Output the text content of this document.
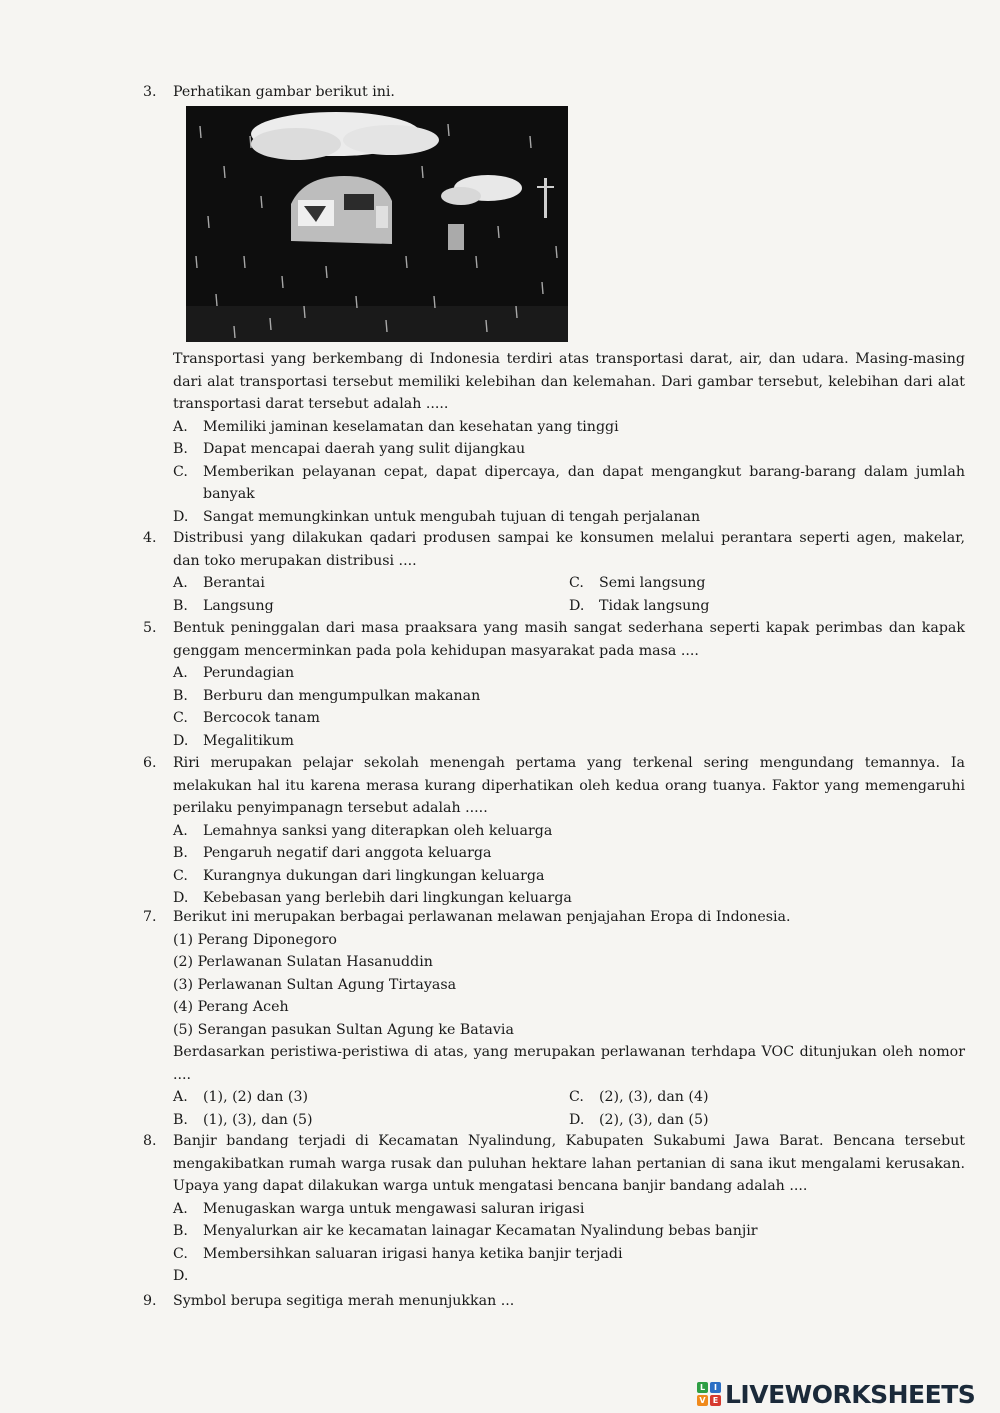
3.	Perhatikan gambar berikut ini.
Transportasi yang berkembang di Indonesia terdiri atas transportasi darat, air, dan udara. Masing-masing dari alat transportasi tersebut memiliki kelebihan dan kelemahan. Dari gambar tersebut, kelebihan dari alat transportasi darat tersebut adalah .....
A.	Memiliki jaminan keselamatan dan kesehatan yang tinggi
B.	Dapat mencapai daerah yang sulit dijangkau
C.	Memberikan pelayanan cepat, dapat dipercaya, dan dapat mengangkut barang-barang dalam jumlah banyak
D.	Sangat memungkinkan untuk mengubah tujuan di tengah perjalanan
4.	Distribusi yang dilakukan qadari produsen sampai ke konsumen melalui perantara seperti agen, makelar, dan toko merupakan distribusi ....
A.	Berantai	C.	Semi langsung
B.	Langsung	D.	Tidak langsung
5.	Bentuk peninggalan dari masa praaksara yang masih sangat sederhana seperti kapak perimbas dan kapak genggam mencerminkan pada pola kehidupan masyarakat pada masa ....
A.	Perundagian
B.	Berburu dan mengumpulkan makanan
C.	Bercocok tanam
D.	Megalitikum
6.	Riri merupakan pelajar sekolah menengah pertama yang terkenal sering mengundang temannya. Ia melakukan hal itu karena merasa kurang diperhatikan oleh kedua orang tuanya. Faktor yang memengaruhi perilaku penyimpanagn tersebut adalah .....
A.	Lemahnya sanksi yang diterapkan oleh keluarga
B.	Pengaruh negatif dari anggota keluarga
C.	Kurangnya dukungan dari lingkungan keluarga
D.	Kebebasan yang berlebih dari lingkungan keluarga
7.	Berikut ini merupakan berbagai perlawanan melawan penjajahan Eropa di Indonesia.
(1) Perang Diponegoro
(2) Perlawanan Sulatan Hasanuddin
(3) Perlawanan Sultan Agung Tirtayasa
(4) Perang Aceh
(5) Serangan pasukan Sultan Agung ke Batavia
Berdasarkan peristiwa-peristiwa di atas, yang merupakan perlawanan terhdapa VOC ditunjukan oleh nomor ....
A.	(1), (2) dan (3)	C.	(2), (3), dan (4)
B.	(1), (3), dan (5)	D.	(2), (3), dan (5)
8.	Banjir bandang terjadi di Kecamatan Nyalindung, Kabupaten Sukabumi Jawa Barat. Bencana tersebut mengakibatkan rumah warga rusak dan puluhan hektare lahan pertanian di sana ikut mengalami kerusakan. Upaya yang dapat dilakukan warga untuk mengatasi bencana banjir bandang adalah ....
A.	Menugaskan warga untuk mengawasi saluran irigasi
B.	Menyalurkan air ke kecamatan lainagar Kecamatan Nyalindung bebas banjir
C.	Membersihkan saluaran irigasi hanya ketika banjir terjadi
D.
9.	Symbol berupa segitiga merah menunjukkan ...
L	I
V E LIVEWORKSHEETS
